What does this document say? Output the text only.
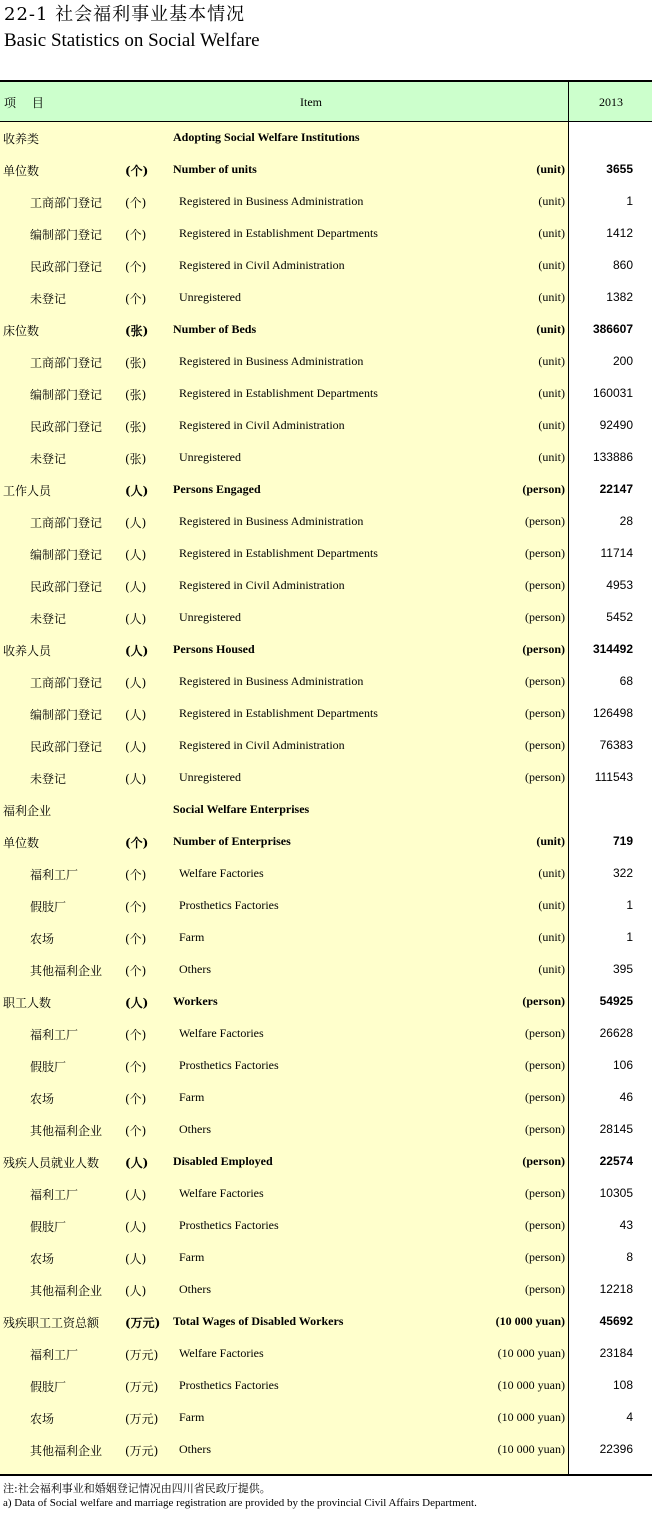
22-1 社会福利事业基本情况
Basic Statistics on Social Welfare
项 目	Item	2013
收养类	Adopting Social Welfare Institutions
单位数	(个) Number of units	(unit)	3655
工商部门登记 (个)	Registered in Business Administration	(unit)	1
编制部门登记 (个)	Registered in Establishment Departments	(unit)	1412
民政部门登记 (个)	Registered in Civil Administration	(unit)	860
未登记	(个)	Unregistered	(unit)	1382
床位数	(张) Number of Beds	(unit) 386607
工商部门登记 (张)	Registered in Business Administration	(unit)	200
编制部门登记 (张)	Registered in Establishment Departments	(unit) 160031
民政部门登记 (张)	Registered in Civil Administration	(unit)	92490
未登记	(张)	Unregistered	(unit) 133886
工作人员	(人) Persons Engaged	(person)	22147
工商部门登记 (人)	Registered in Business Administration	(person)	28
编制部门登记 (人)	Registered in Establishment Departments	(person)	11714
民政部门登记 (人)	Registered in Civil Administration	(person)	4953
未登记	(人)	Unregistered	(person)	5452
收养人员	(人) Persons Housed	(person) 314492
工商部门登记 (人)	Registered in Business Administration	(person)	68
编制部门登记 (人)	Registered in Establishment Departments	(person) 126498
民政部门登记 (人)	Registered in Civil Administration	(person)	76383
未登记	(人)	Unregistered	(person) 111543
福利企业	Social Welfare Enterprises
单位数	(个) Number of Enterprises	(unit)	719
福利工厂	(个)	Welfare Factories	(unit)	322
假肢厂	(个)	Prosthetics Factories	(unit)	1
农场	(个)	Farm	(unit)	1
其他福利企业 (个)	Others	(unit)	395
职工人数	(人) Workers	(person)	54925
福利工厂	(个)	Welfare Factories	(person)	26628
假肢厂	(个)	Prosthetics Factories	(person)	106
农场	(个)	Farm	(person)	46
其他福利企业 (个)	Others	(person)	28145
残疾人员就业人数 (人) Disabled Employed	(person)	22574
福利工厂	(人)	Welfare Factories	(person)	10305
假肢厂	(人)	Prosthetics Factories	(person)	43
农场	(人)	Farm	(person)	8
其他福利企业 (人)	Others	(person)	12218
残疾职工工资总额 (万元) Total Wages of Disabled Workers	(10 000 yuan)	45692
福利工厂	(万元) Welfare Factories	(10 000 yuan)	23184
假肢厂	(万元) Prosthetics Factories	(10 000 yuan)	108
农场	(万元) Farm	(10 000 yuan)	4
其他福利企业 (万元) Others	(10 000 yuan)	22396
注:社会福利事业和婚姻登记情况由四川省民政厅提供。
a) Data of Social welfare and marriage registration are provided by the provincial Civil Affairs Department.
